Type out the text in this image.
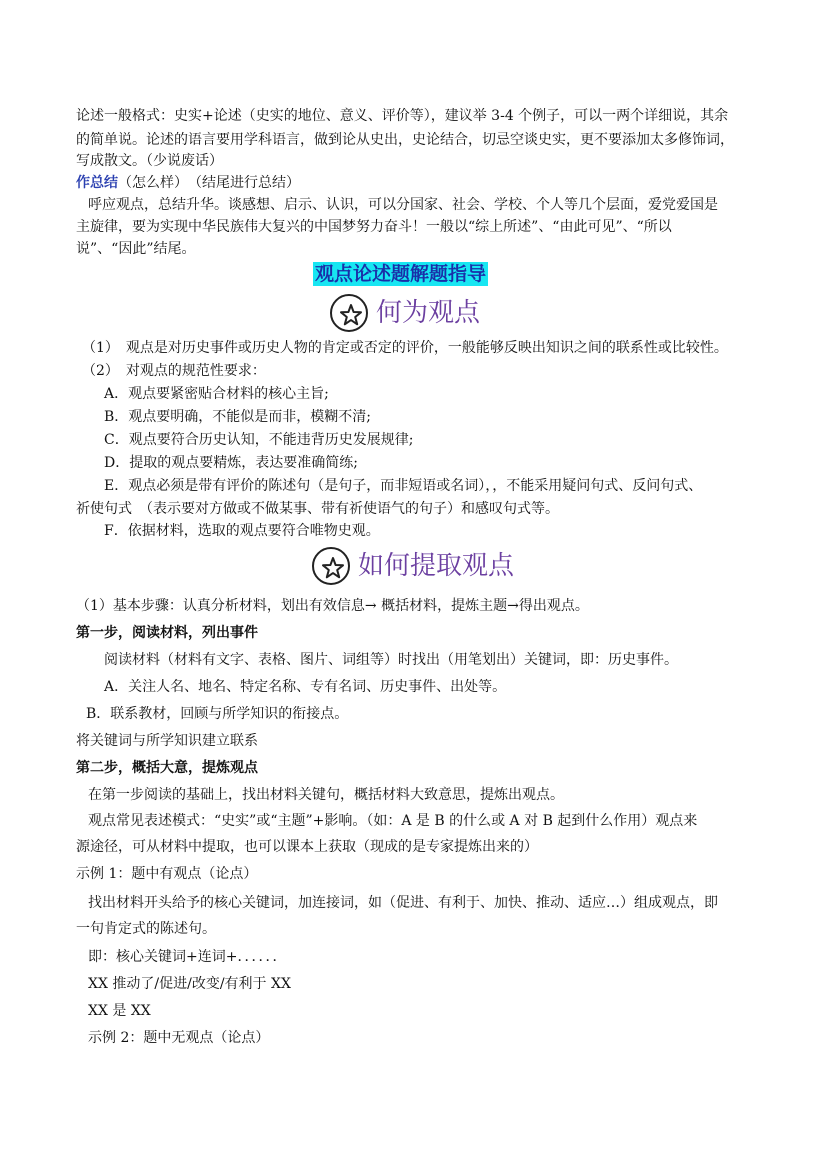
论述一般格式：史实+论述（史实的地位、意义、评价等），建议举 3-4 个例子，可以一两个详细说，其余
的简单说。论述的语言要用学科语言，做到论从史出，史论结合，切忌空谈史实，更不要添加太多修饰词，
写成散文。（少说废话）
作总结（怎么样）　（结尾进行总结）
呼应观点，总结升华。谈感想、启示、认识，可以分国家、社会、学校、个人等几个层面，爱党爱国是
主旋律，要为实现中华民族伟大复兴的中国梦努力奋斗！一般以“综上所述”、“由此可见”、“所以
说”、“因此”结尾。
观点论述题解题指导
何为观点
（1）　观点是对历史事件或历史人物的肯定或否定的评价，一般能够反映出知识之间的联系性或比较性。
（2）　对观点的规范性要求：
A．观点要紧密贴合材料的核心主旨;
B．观点要明确，不能似是而非，模糊不清;
C．观点要符合历史认知，不能违背历史发展规律;
D．提取的观点要精炼，表达要准确简练;
E．观点必须是带有评价的陈述句（是句子，而非短语或名词），，不能采用疑问句式、反问句式、
祈使句式　（表示要对方做或不做某事、带有祈使语气的句子）和感叹句式等。
F．依据材料，选取的观点要符合唯物史观。
如何提取观点
（1）基本步骤：认真分析材料，划出有效信息→ 概括材料，提炼主题→得出观点。
第一步，阅读材料，列出事件
阅读材料（材料有文字、表格、图片、词组等）时找出（用笔划出）关键词，即：历史事件。
A．关注人名、地名、特定名称、专有名词、历史事件、出处等。
B．联系教材，回顾与所学知识的衔接点。
将关键词与所学知识建立联系
第二步，概括大意，提炼观点
在第一步阅读的基础上，找出材料关键句，概括材料大致意思，提炼出观点。
观点常见表述模式：“史实”或“主题”+影响。（如：A 是 B 的什么或 A 对 B 起到什么作用）观点来
源途径，可从材料中提取，也可以课本上获取（现成的是专家提炼出来的）
示例 1：题中有观点（论点）
找出材料开头给予的核心关键词，加连接词，如（促进、有利于、加快、推动、适应…）组成观点，即
一句肯定式的陈述句。
即：核心关键词+连词+．．．．．．
XX 推动了/促进/改变/有利于 XX
XX 是 XX
示例 2：题中无观点（论点）
